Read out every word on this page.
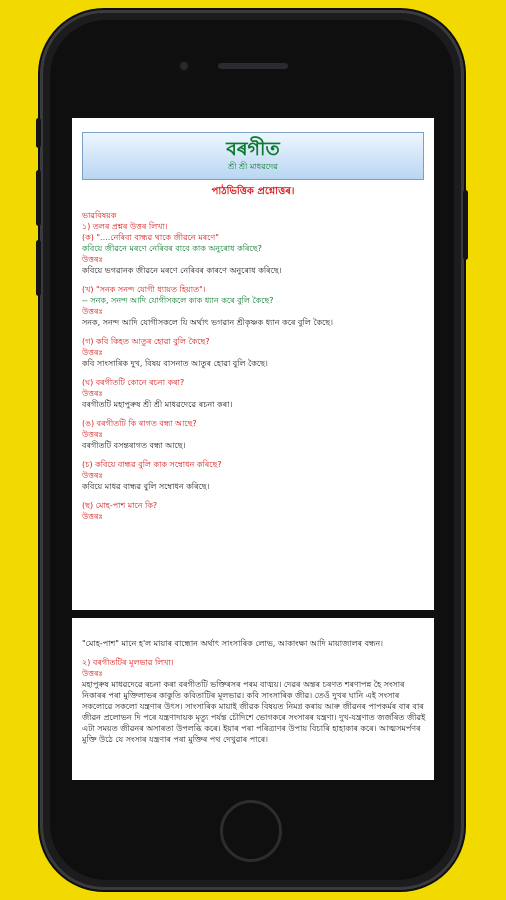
বৰগীত
শ্ৰী শ্ৰী মাধৱদেৱ
পাঠভিত্তিক প্ৰশ্নোত্তৰ।
ভাৱবিষয়ক
১) তলৰ প্ৰশ্নৰ উত্তৰ লিখা।
(ক) "....নেৰিবা বান্ধৱ থাকে জীৱনে মৰণে"
কবিয়ে জীৱনে মৰণে নেৰিবৰ বাবে কাক অনুৰোধ কৰিছে?
উত্তৰঃ
কবিয়ে ভগৱানক জীৱনে মৰণে নেৰিবৰ কাৰণে অনুৰোধ কৰিছে।
(খ) "সনক সনন্দ যোগী ধ্যায়ত হিয়াত"।
-- সনক, সনন্দ আদি যোগীসকলে কাক ধ্যান কৰে বুলি কৈছে?
উত্তৰঃ
সনক, সনন্দ আদি যোগীসকলে যি অৰ্থাৎ ভগৱান শ্ৰীকৃষ্ণক ধ্যান কৰে বুলি কৈছে।
(গ) কবি কিহত আতুৰ হোৱা বুলি কৈছে?
উত্তৰঃ
কবি সাংসাৰিক দুখ, বিষয় বাসনাত আতুৰ হোৱা বুলি কৈছে।
(ঘ) বৰগীতটি কোনে ৰচনা কৰা?
উত্তৰঃ
বৰগীতটি মহাপুৰুষ শ্ৰী শ্ৰী মাধৱদেৱে ৰচনা কৰা।
(ঙ) বৰগীতটি কি ৰাগত বন্ধা আছে?
উত্তৰঃ
বৰগীতটি বসন্তৰাগত বন্ধা আছে।
(চ) কবিয়ে বান্ধৱ বুলি কাক সম্বোধন কৰিছে?
উত্তৰঃ
কবিয়ে মাধৱ বান্ধৱ বুলি সম্বোধন কৰিছে।
(ছ) মোহ-পাশ মানে কি?
উত্তৰঃ
"মোহ-পাশ" মানে হ'ল মায়াৰ বান্ধোন অৰ্থাৎ সাংসাৰিক লোভ, আকাংক্ষা আদি মায়াজালৰ বন্ধন।
২) বৰগীতটিৰ মূলভাৱ লিখা।
উত্তৰঃ
মহাপুৰুষ মাধৱদেৱে ৰচনা কৰা বৰগীতটি ভক্তিৰসৰ পৰম বাঙ্ময়। দেৱৰ অন্তৰ চৰণত শৰণাপন্ন হৈ সংসাৰ নিকাৰৰ পৰা মুক্তিলাভৰ কাকুতি কবিতাটিৰ মূলভাৱ। কবি সাংসাৰিক জীৱ। তেওঁ দুখৰ ঘানি এই সংসাৰ সকলোৱে সকলো যন্ত্ৰণাৰ উৎস। সাংসাৰিক মায়াই জীৱক বিষয়ত নিমগ্ন কৰায় আৰু জীৱনৰ পাপকৰ্মৰ বাৰ বাৰ জীৱন প্ৰলোভন দি পৰে যন্ত্ৰণাদায়ক মৃত্যু পৰ্যন্ত চৌদিশে ভোগকৰে সংসাৰৰ যন্ত্ৰণা। দুখ-যন্ত্ৰণাত জৰ্জৰিত জীৱই এটা সময়ত জীৱনৰ অসাৰতা উপলব্ধি কৰে। ইয়াৰ পৰা পৰিত্ৰাণৰ উপায় বিচাৰি হাহাকাৰ কৰে। আত্মসমৰ্পণৰ মুক্তি উঠে যে সংসাৰ যন্ত্ৰণাৰ পৰা মুক্তিৰ পথ দেখুৱাৰ পাৰে।
